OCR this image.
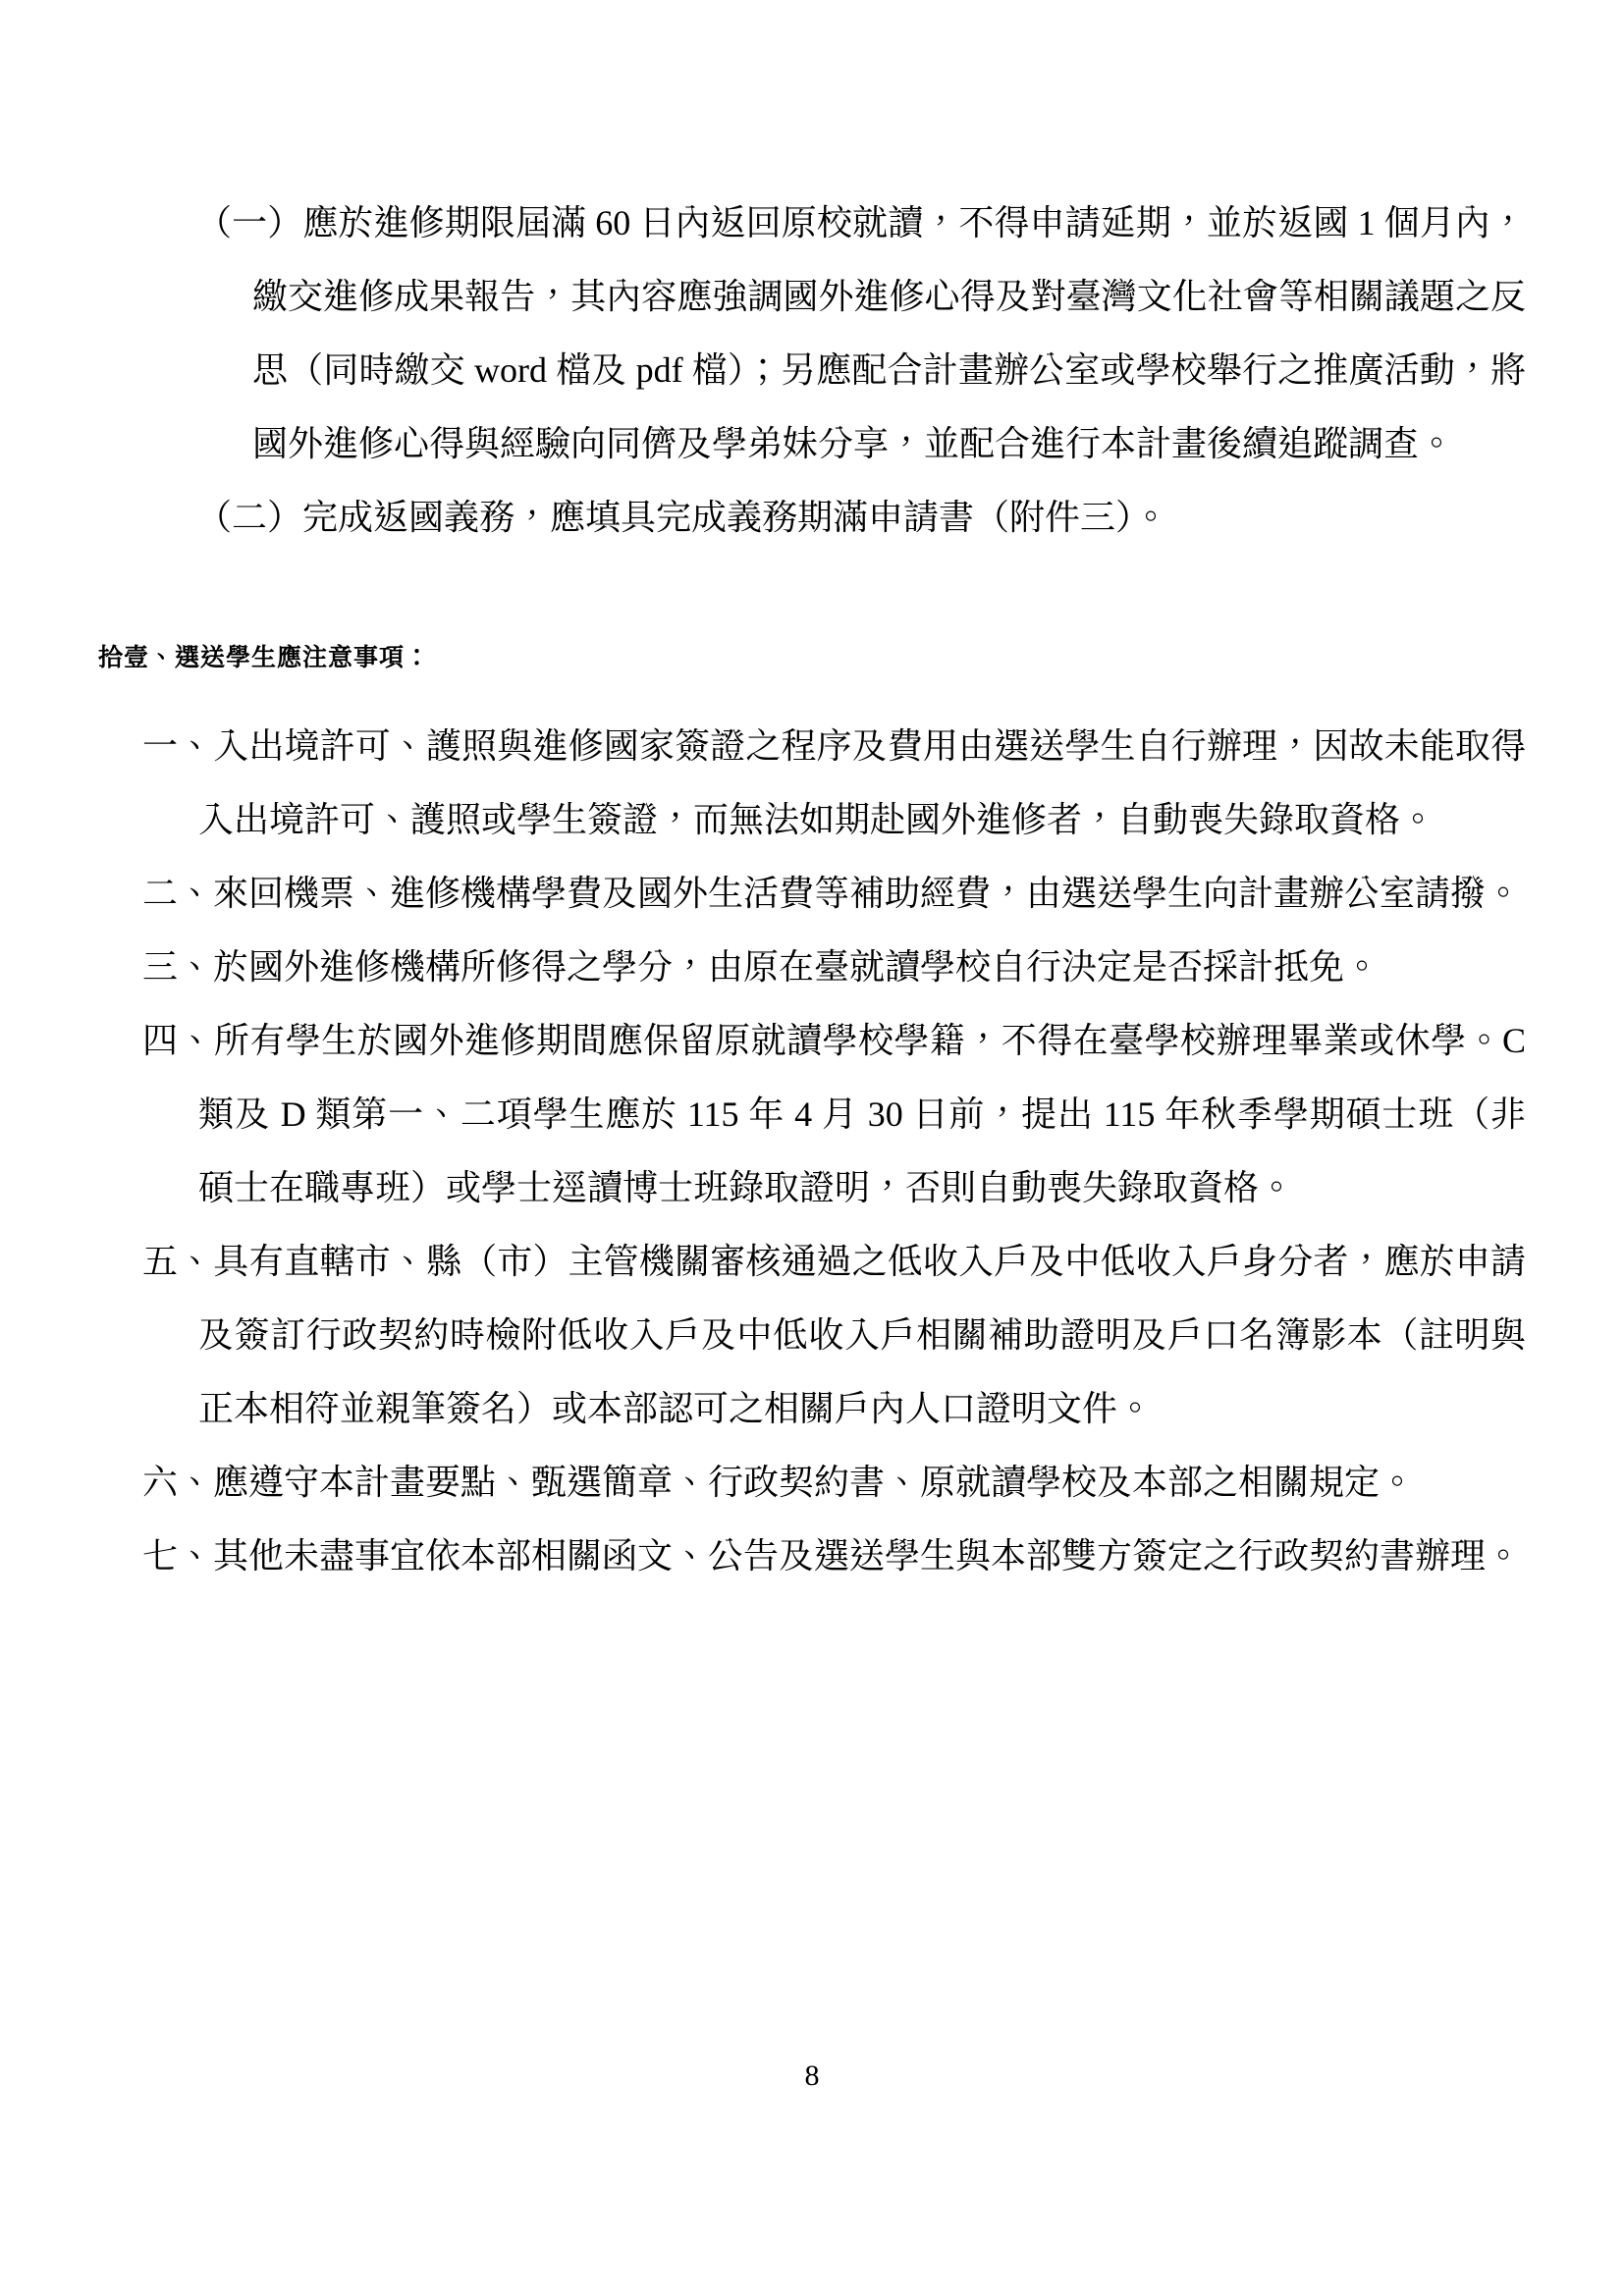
（一）應於進修期限屆滿 60 日內返回原校就讀，不得申請延期，並於返國 1 個月內，繳交進修成果報告，其內容應強調國外進修心得及對臺灣文化社會等相關議題之反思（同時繳交 word 檔及 pdf 檔）；另應配合計畫辦公室或學校舉行之推廣活動，將國外進修心得與經驗向同儕及學弟妹分享，並配合進行本計畫後續追蹤調查。

（二）完成返國義務，應填具完成義務期滿申請書（附件三）。

拾壹、選送學生應注意事項：
一、入出境許可、護照與進修國家簽證之程序及費用由選送學生自行辦理，因故未能取得入出境許可、護照或學生簽證，而無法如期赴國外進修者，自動喪失錄取資格。
二、來回機票、進修機構學費及國外生活費等補助經費，由選送學生向計畫辦公室請撥。
三、於國外進修機構所修得之學分，由原在臺就讀學校自行決定是否採計抵免。
四、所有學生於國外進修期間應保留原就讀學校學籍，不得在臺學校辦理畢業或休學。C 類及 D 類第一、二項學生應於 115 年 4 月 30 日前，提出 115 年秋季學期碩士班（非碩士在職專班）或學士逕讀博士班錄取證明，否則自動喪失錄取資格。
五、具有直轄市、縣（市）主管機關審核通過之低收入戶及中低收入戶身分者，應於申請及簽訂行政契約時檢附低收入戶及中低收入戶相關補助證明及戶口名簿影本（註明與正本相符並親筆簽名）或本部認可之相關戶內人口證明文件。
六、應遵守本計畫要點、甄選簡章、行政契約書、原就讀學校及本部之相關規定。
七、其他未盡事宜依本部相關函文、公告及選送學生與本部雙方簽定之行政契約書辦理。
8
